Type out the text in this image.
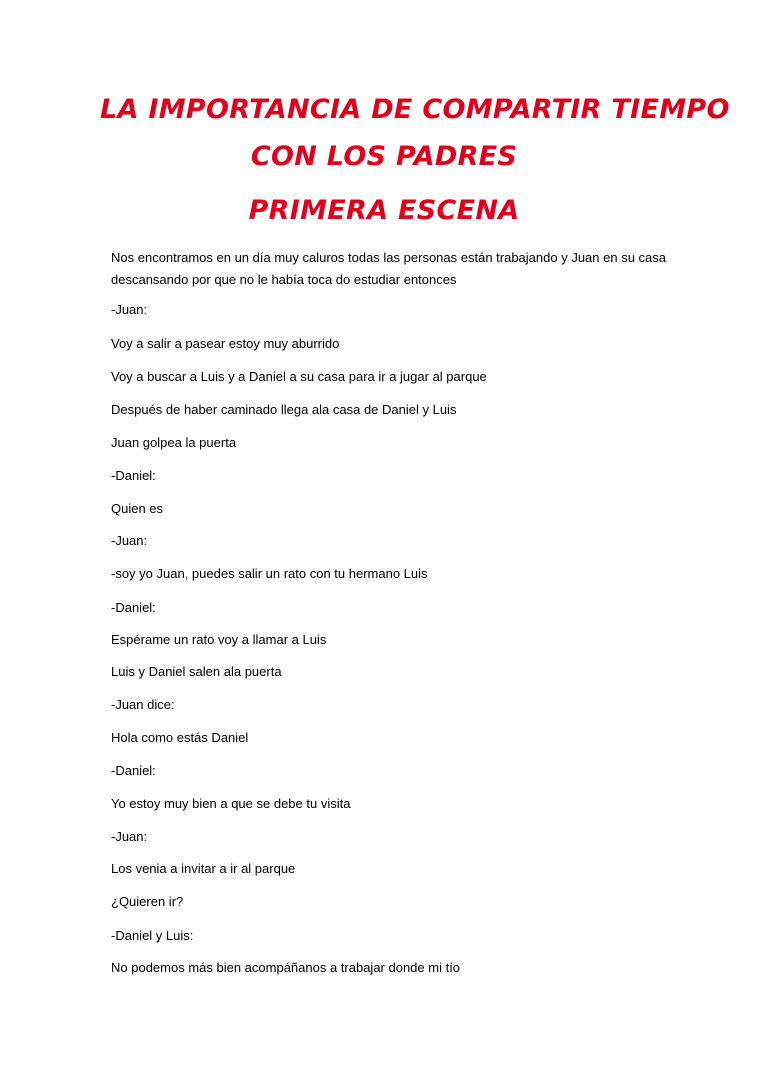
LA IMPORTANCIA DE COMPARTIR TIEMPO
CON LOS PADRES
PRIMERA ESCENA
Nos encontramos en un día muy caluros todas las personas están trabajando y Juan en su casa
descansando por que no le había toca do estudiar entonces
-Juan:
Voy a salir a pasear estoy muy aburrido
Voy a buscar a Luis y a Daniel a su casa para ir a jugar al parque
Después de haber caminado llega ala casa de Daniel y Luis
Juan golpea la puerta
-Daniel:
Quien es
-Juan:
-soy yo Juan, puedes salir un rato con tu hermano Luis
-Daniel:
Espérame un rato voy a llamar a Luis
Luis y Daniel salen ala puerta
-Juan dice:
Hola como estás Daniel
-Daniel:
Yo estoy muy bien a que se debe tu visita
-Juan:
Los venia a invitar a ir al parque
¿Quieren ir?
-Daniel y Luis:
No podemos más bien acompáñanos a trabajar donde mi tío
